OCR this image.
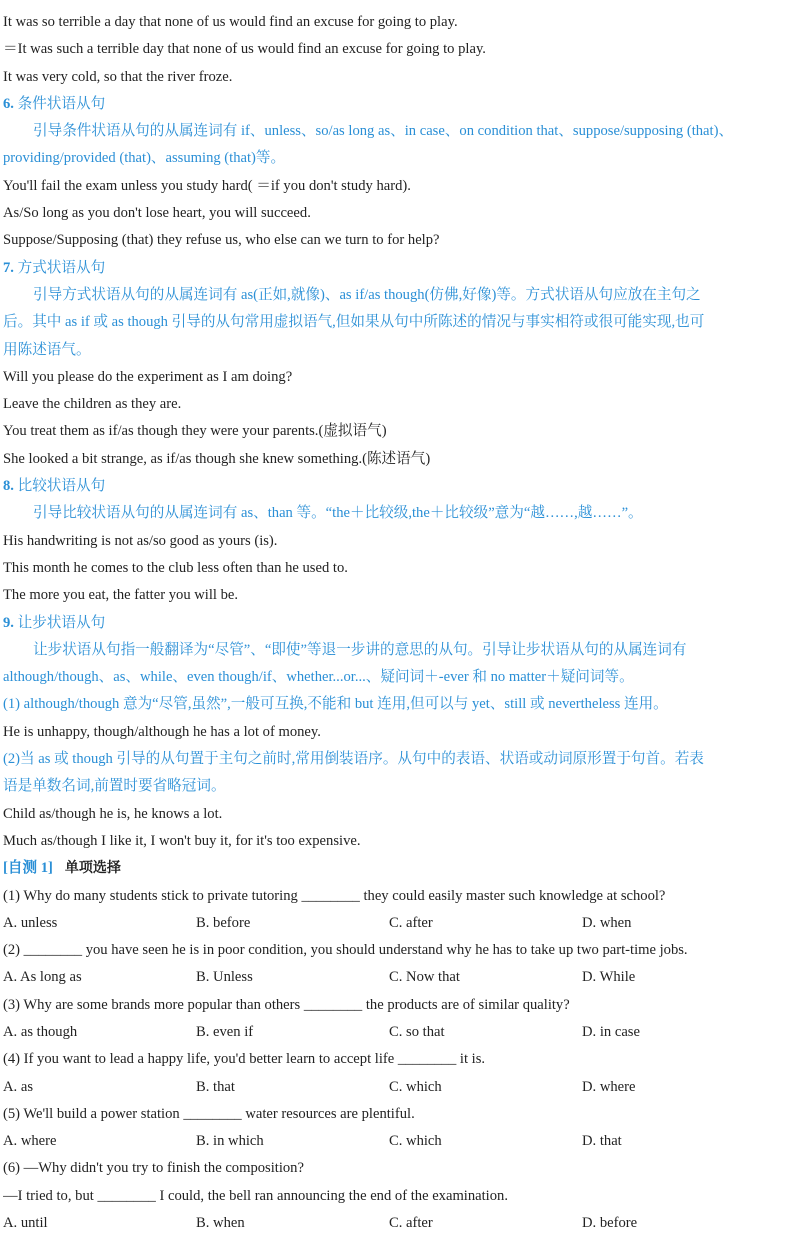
It was so terrible a day that none of us would find an excuse for going to play.
＝It was such a terrible day that none of us would find an excuse for going to play.
It was very cold, so that the river froze.
6. 条件状语从句
引导条件状语从句的从属连词有 if、unless、so/as long as、in case、on condition that、suppose/supposing (that)、
providing/provided (that)、assuming (that)等。
You'll fail the exam unless you study hard( ＝if you don't study hard).
As/So long as you don't lose heart, you will succeed.
Suppose/Supposing (that) they refuse us, who else can we turn to for help?
7. 方式状语从句
引导方式状语从句的从属连词有 as(正如,就像)、as if/as though(仿佛,好像)等。方式状语从句应放在主句之
后。其中 as if 或 as though 引导的从句常用虚拟语气,但如果从句中所陈述的情况与事实相符或很可能实现,也可
用陈述语气。
Will you please do the experiment as I am doing?
Leave the children as they are.
You treat them as if/as though they were your parents.(虚拟语气)
She looked a bit strange, as if/as though she knew something.(陈述语气)
8. 比较状语从句
引导比较状语从句的从属连词有 as、than 等。“the＋比较级,the＋比较级”意为“越……,越……”。
His handwriting is not as/so good as yours (is).
This month he comes to the club less often than he used to.
The more you eat, the fatter you will be.
9. 让步状语从句
让步状语从句指一般翻译为“尽管”、“即使”等退一步讲的意思的从句。引导让步状语从句的从属连词有
although/though、as、while、even though/if、whether...or...、疑问词＋-ever 和 no matter＋疑问词等。
(1) although/though 意为“尽管,虽然”,一般可互换,不能和 but 连用,但可以与 yet、still 或 nevertheless 连用。
He is unhappy, though/although he has a lot of money.
(2)当 as 或 though 引导的从句置于主句之前时,常用倒装语序。从句中的表语、状语或动词原形置于句首。若表
语是单数名词,前置时要省略冠词。
Child as/though he is, he knows a lot.
Much as/though I like it, I won't buy it, for it's too expensive.
[自测 1] 单项选择
(1) Why do many students stick to private tutoring ________ they could easily master such knowledge at school?
A. unless	B. before	C. after	D. when
(2) ________ you have seen he is in poor condition, you should understand why he has to take up two part-time jobs.
A. As long as	B. Unless	C. Now that	D. While
(3) Why are some brands more popular than others ________ the products are of similar quality?
A. as though	B. even if	C. so that	D. in case
(4) If you want to lead a happy life, you'd better learn to accept life ________ it is.
A. as	B. that	C. which	D. where
(5) We'll build a power station ________ water resources are plentiful.
A. where	B. in which	C. which	D. that
(6) —Why didn't you try to finish the composition?
—I tried to, but ________ I could, the bell ran announcing the end of the examination.
A. until	B. when	C. after	D. before
